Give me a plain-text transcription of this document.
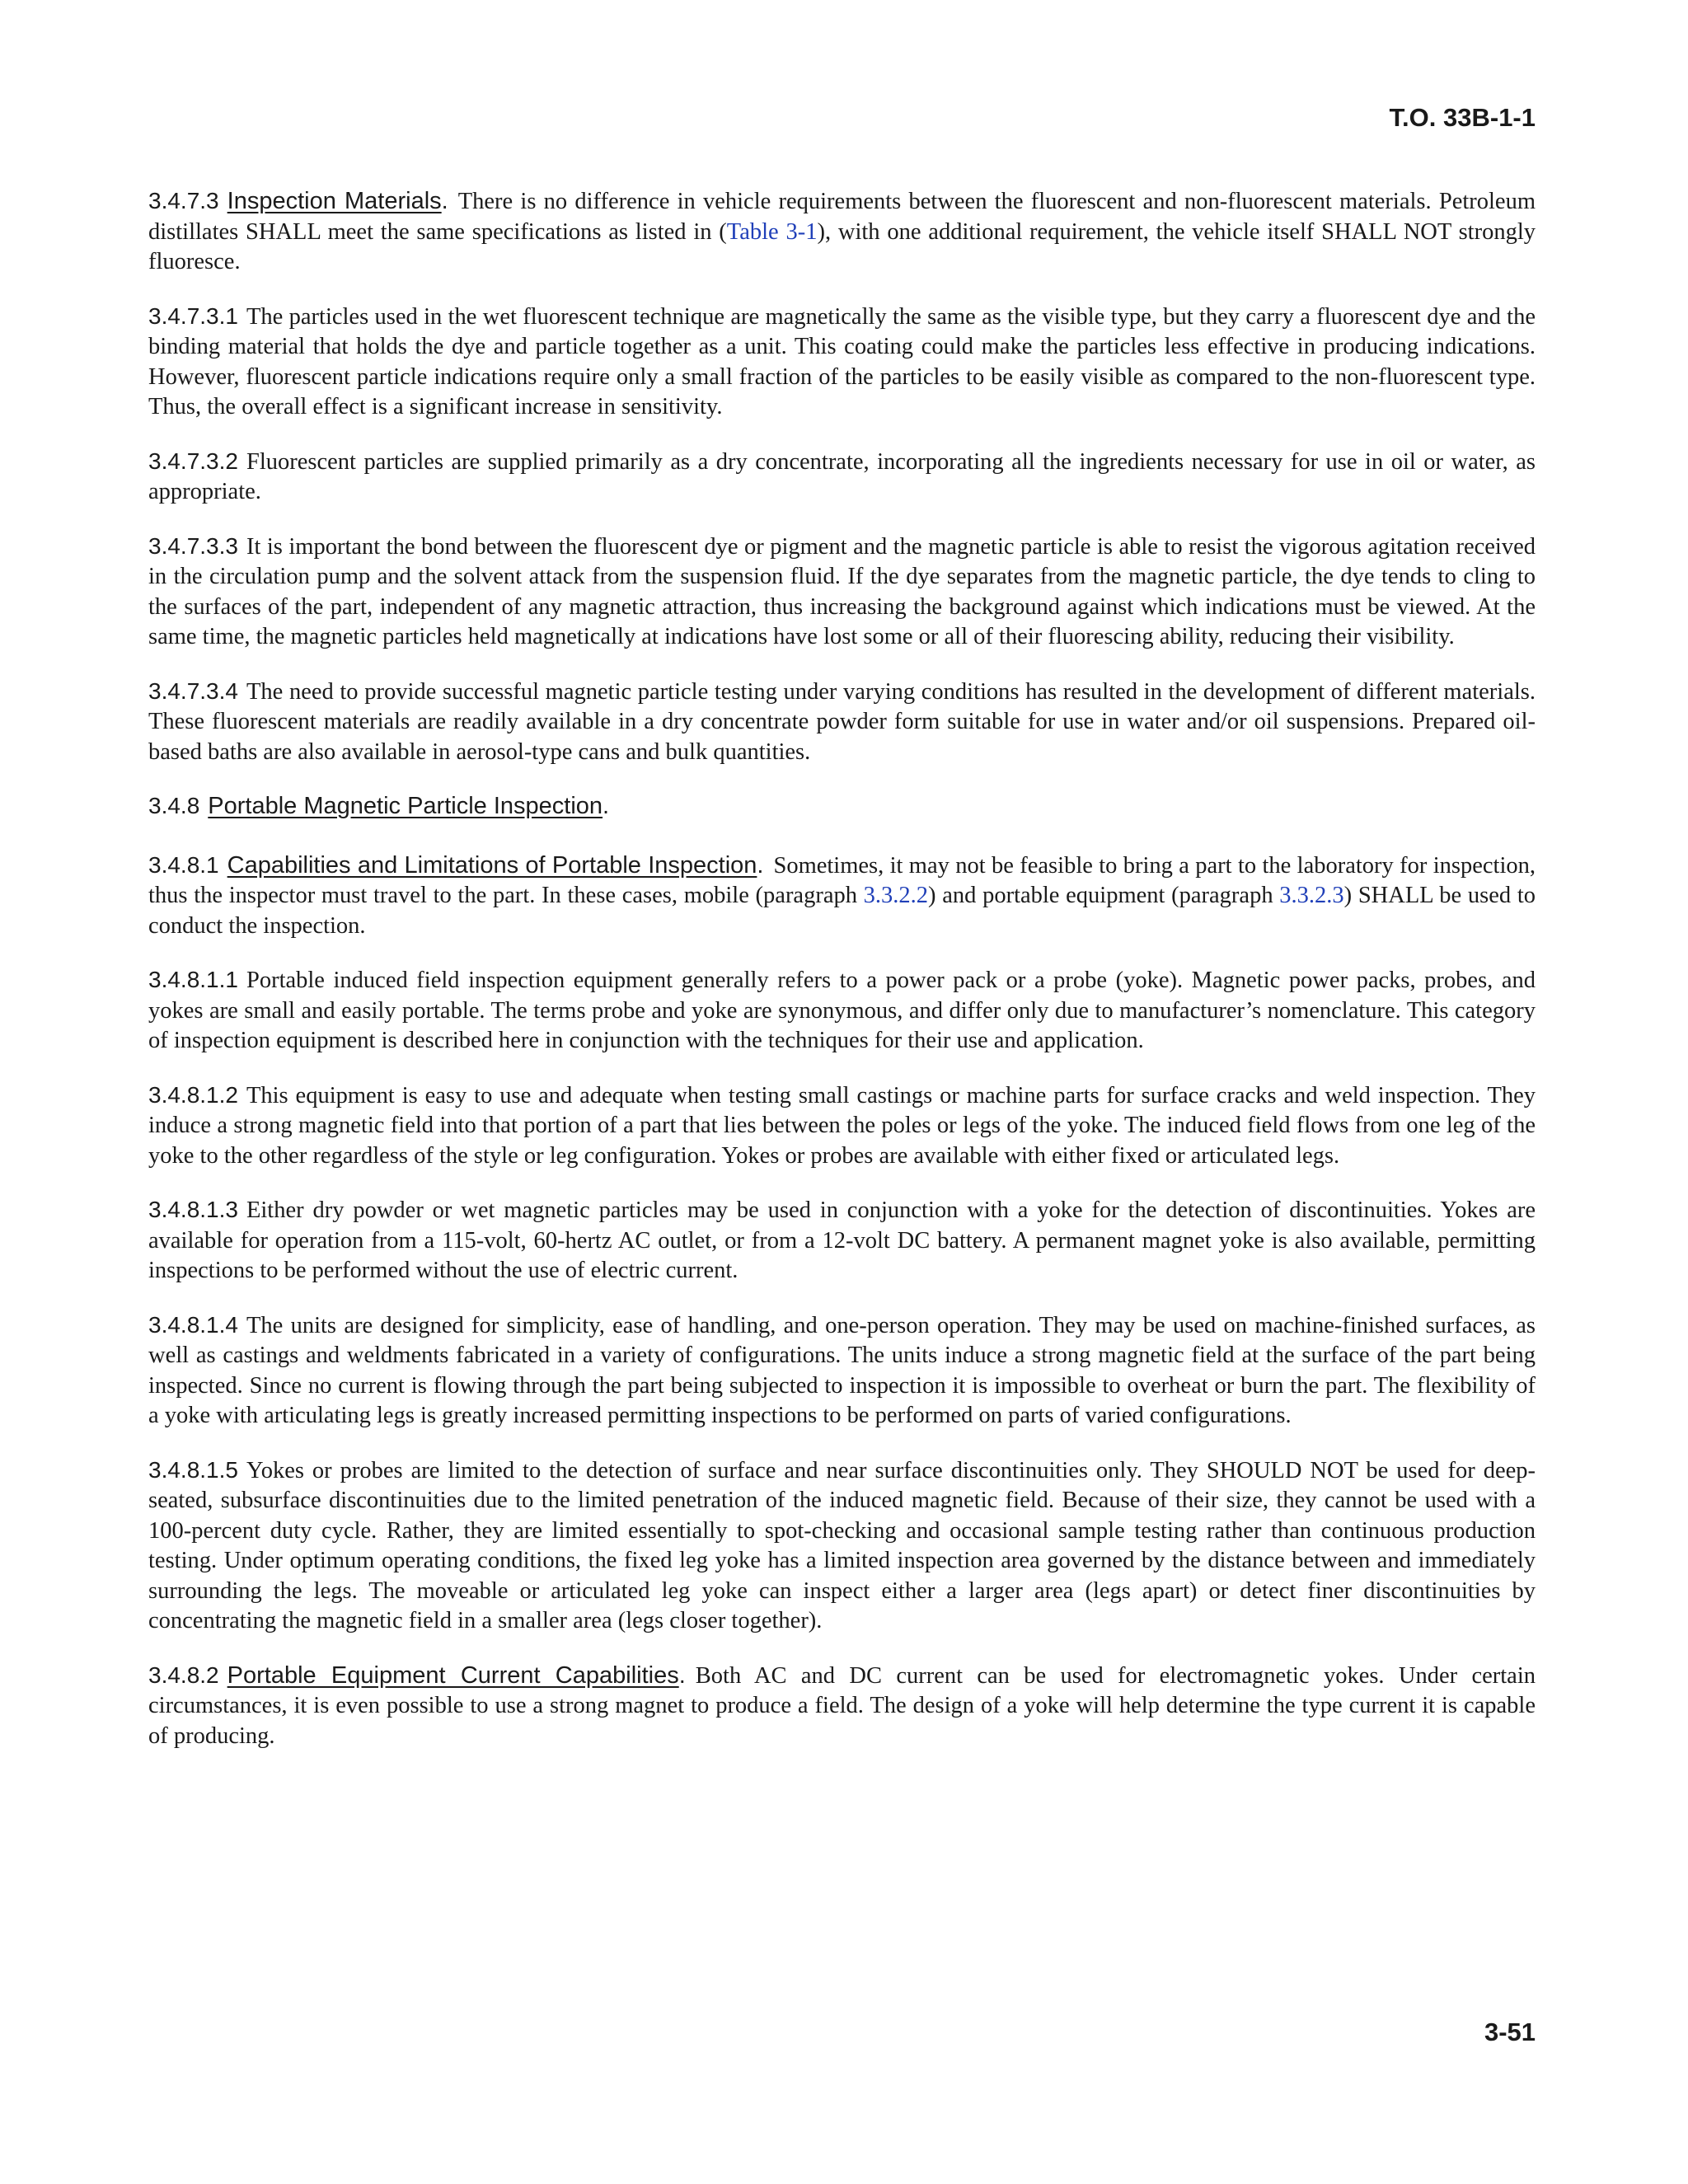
T.O. 33B-1-1

3.4.7.3 Inspection Materials. There is no difference in vehicle requirements between the fluorescent and non-fluorescent materials. Petroleum distillates SHALL meet the same specifications as listed in (Table 3-1), with one additional requirement, the vehicle itself SHALL NOT strongly fluoresce.

3.4.7.3.1 The particles used in the wet fluorescent technique are magnetically the same as the visible type, but they carry a fluorescent dye and the binding material that holds the dye and particle together as a unit. This coating could make the particles less effective in producing indications. However, fluorescent particle indications require only a small fraction of the particles to be easily visible as compared to the non-fluorescent type. Thus, the overall effect is a significant increase in sensitivity.

3.4.7.3.2 Fluorescent particles are supplied primarily as a dry concentrate, incorporating all the ingredients necessary for use in oil or water, as appropriate.

3.4.7.3.3 It is important the bond between the fluorescent dye or pigment and the magnetic particle is able to resist the vigorous agitation received in the circulation pump and the solvent attack from the suspension fluid. If the dye separates from the magnetic particle, the dye tends to cling to the surfaces of the part, independent of any magnetic attraction, thus increasing the background against which indications must be viewed. At the same time, the magnetic particles held magnetically at indications have lost some or all of their fluorescing ability, reducing their visibility.

3.4.7.3.4 The need to provide successful magnetic particle testing under varying conditions has resulted in the development of different materials. These fluorescent materials are readily available in a dry concentrate powder form suitable for use in water and/or oil suspensions. Prepared oil-based baths are also available in aerosol-type cans and bulk quantities.

3.4.8 Portable Magnetic Particle Inspection.

3.4.8.1 Capabilities and Limitations of Portable Inspection. Sometimes, it may not be feasible to bring a part to the laboratory for inspection, thus the inspector must travel to the part. In these cases, mobile (paragraph 3.3.2.2) and portable equipment (paragraph 3.3.2.3) SHALL be used to conduct the inspection.

3.4.8.1.1 Portable induced field inspection equipment generally refers to a power pack or a probe (yoke). Magnetic power packs, probes, and yokes are small and easily portable. The terms probe and yoke are synonymous, and differ only due to manufacturer’s nomenclature. This category of inspection equipment is described here in conjunction with the techniques for their use and application.

3.4.8.1.2 This equipment is easy to use and adequate when testing small castings or machine parts for surface cracks and weld inspection. They induce a strong magnetic field into that portion of a part that lies between the poles or legs of the yoke. The induced field flows from one leg of the yoke to the other regardless of the style or leg configuration. Yokes or probes are available with either fixed or articulated legs.

3.4.8.1.3 Either dry powder or wet magnetic particles may be used in conjunction with a yoke for the detection of discontinuities. Yokes are available for operation from a 115-volt, 60-hertz AC outlet, or from a 12-volt DC battery. A permanent magnet yoke is also available, permitting inspections to be performed without the use of electric current.

3.4.8.1.4 The units are designed for simplicity, ease of handling, and one-person operation. They may be used on machine-finished surfaces, as well as castings and weldments fabricated in a variety of configurations. The units induce a strong magnetic field at the surface of the part being inspected. Since no current is flowing through the part being subjected to inspection it is impossible to overheat or burn the part. The flexibility of a yoke with articulating legs is greatly increased permitting inspections to be performed on parts of varied configurations.

3.4.8.1.5 Yokes or probes are limited to the detection of surface and near surface discontinuities only. They SHOULD NOT be used for deep-seated, subsurface discontinuities due to the limited penetration of the induced magnetic field. Because of their size, they cannot be used with a 100-percent duty cycle. Rather, they are limited essentially to spot-checking and occasional sample testing rather than continuous production testing. Under optimum operating conditions, the fixed leg yoke has a limited inspection area governed by the distance between and immediately surrounding the legs. The moveable or articulated leg yoke can inspect either a larger area (legs apart) or detect finer discontinuities by concentrating the magnetic field in a smaller area (legs closer together).

3.4.8.2 Portable Equipment Current Capabilities. Both AC and DC current can be used for electromagnetic yokes. Under certain circumstances, it is even possible to use a strong magnet to produce a field. The design of a yoke will help determine the type current it is capable of producing.

3-51
